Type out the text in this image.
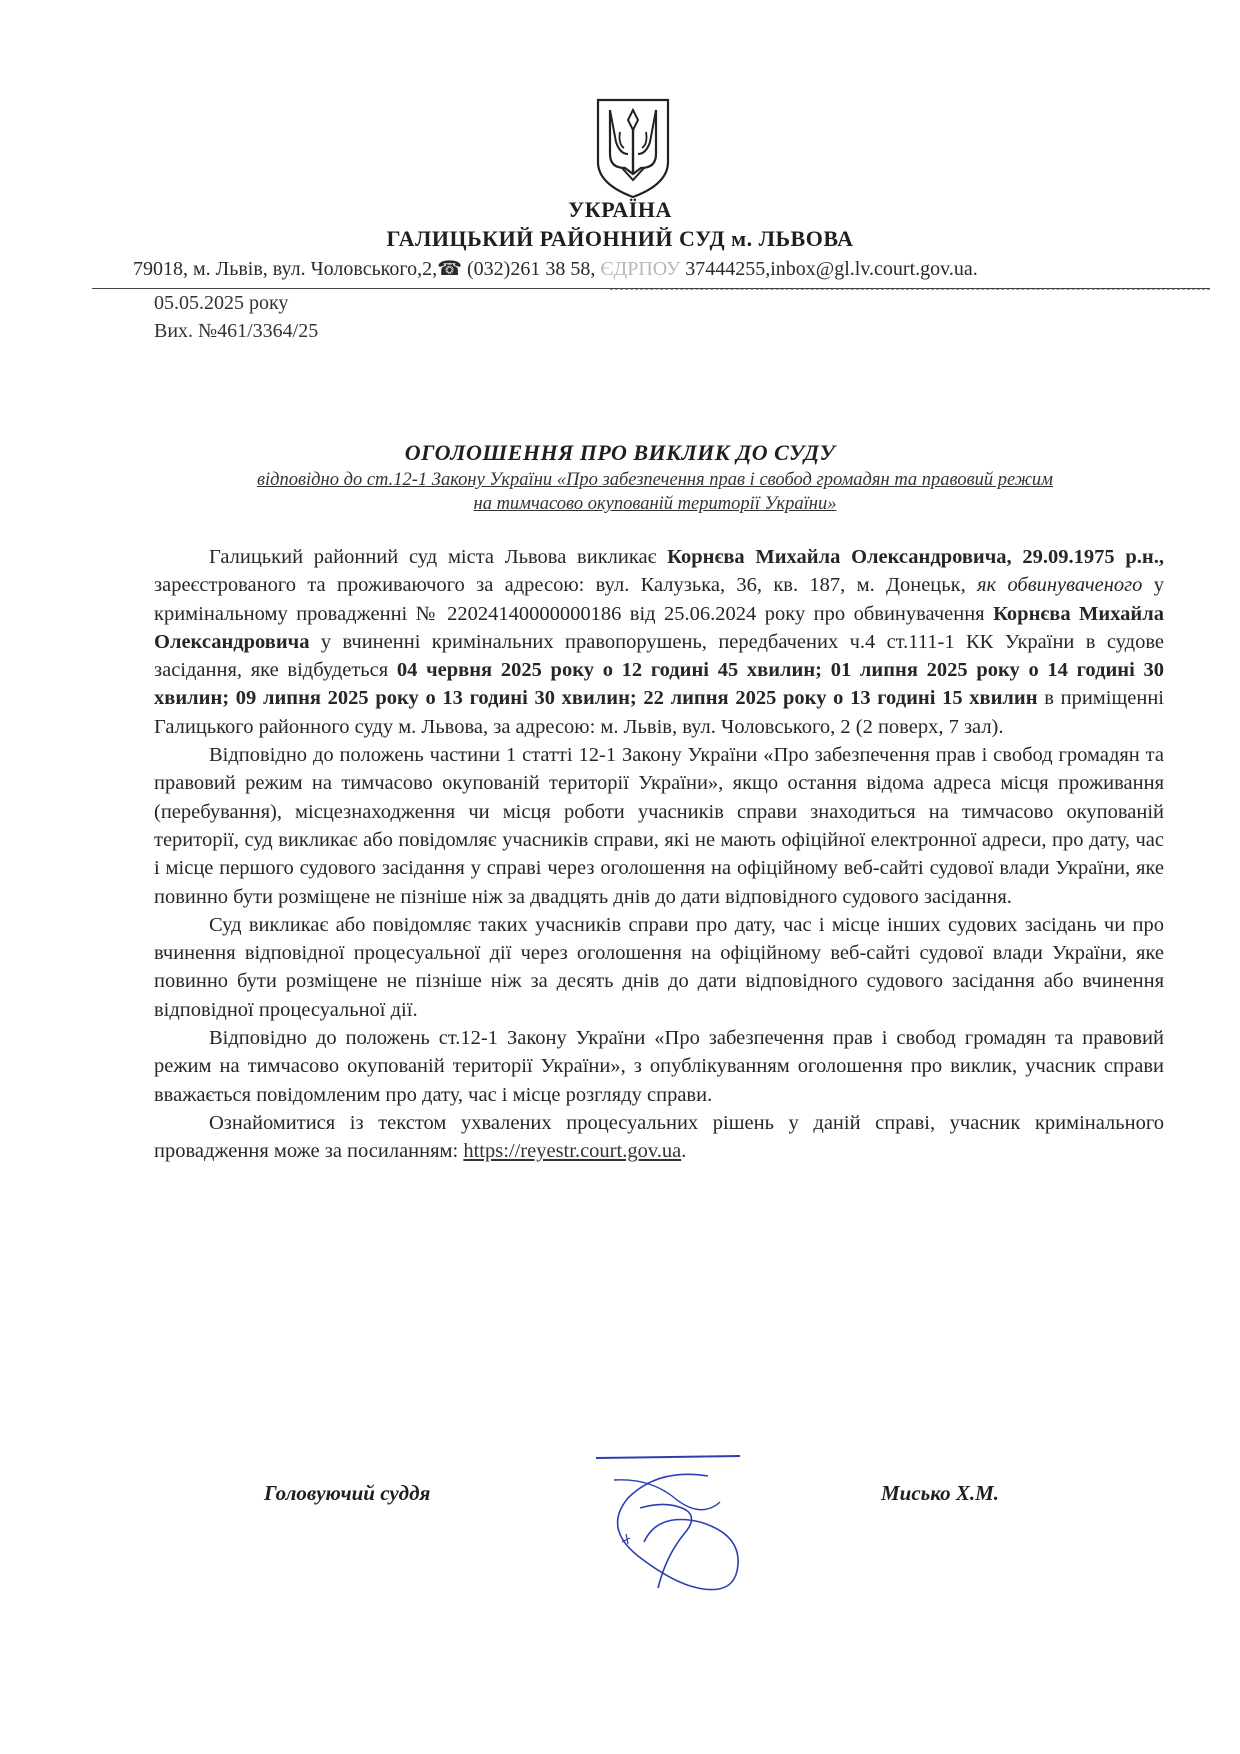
УКРАЇНА
ГАЛИЦЬКИЙ РАЙОННИЙ СУД м. ЛЬВОВА
79018, м. Львів, вул. Чоловського,2,☎ (032)261 38 58, ЄДРПОУ 37444255,inbox@gl.lv.court.gov.ua.
05.05.2025 року
Вих. №461/3364/25
ОГОЛОШЕННЯ ПРО ВИКЛИК ДО СУДУ
відповідно до ст.12-1 Закону України «Про забезпечення прав і свобод громадян та правовий режим
на тимчасово окупованій території України»

Галицький районний суд міста Львова викликає Корнєва Михайла Олександровича, 29.09.1975 р.н., зареєстрованого та проживаючого за адресою: вул. Калузька, 36, кв. 187, м. Донецьк, як обвинуваченого у кримінальному провадженні № 22024140000000186 від 25.06.2024 року про обвинувачення Корнєва Михайла Олександровича у вчиненні кримінальних правопорушень, передбачених ч.4 ст.111-1 КК України в судове засідання, яке відбудеться 04 червня 2025 року о 12 годині 45 хвилин; 01 липня 2025 року о 14 годині 30 хвилин; 09 липня 2025 року о 13 годині 30 хвилин; 22 липня 2025 року о 13 годині 15 хвилин в приміщенні Галицького районного суду м. Львова, за адресою: м. Львів, вул. Чоловського, 2 (2 поверх, 7 зал).

Відповідно до положень частини 1 статті 12-1 Закону України «Про забезпечення прав і свобод громадян та правовий режим на тимчасово окупованій території України», якщо остання відома адреса місця проживання (перебування), місцезнаходження чи місця роботи учасників справи знаходиться на тимчасово окупованій території, суд викликає або повідомляє учасників справи, які не мають офіційної електронної адреси, про дату, час і місце першого судового засідання у справі через оголошення на офіційному веб-сайті судової влади України, яке повинно бути розміщене не пізніше ніж за двадцять днів до дати відповідного судового засідання.

Суд викликає або повідомляє таких учасників справи про дату, час і місце інших судових засідань чи про вчинення відповідної процесуальної дії через оголошення на офіційному веб-сайті судової влади України, яке повинно бути розміщене не пізніше ніж за десять днів до дати відповідного судового засідання або вчинення відповідної процесуальної дії.

Відповідно до положень ст.12-1 Закону України «Про забезпечення прав і свобод громадян та правовий режим на тимчасово окупованій території України», з опублікуванням оголошення про виклик, учасник справи вважається повідомленим про дату, час і місце розгляду справи.

Ознайомитися із текстом ухвалених процесуальних рішень у даній справі, учасник кримінального провадження може за посиланням: https://reyestr.court.gov.ua.

Головуючий суддя	Мисько Х.М.
